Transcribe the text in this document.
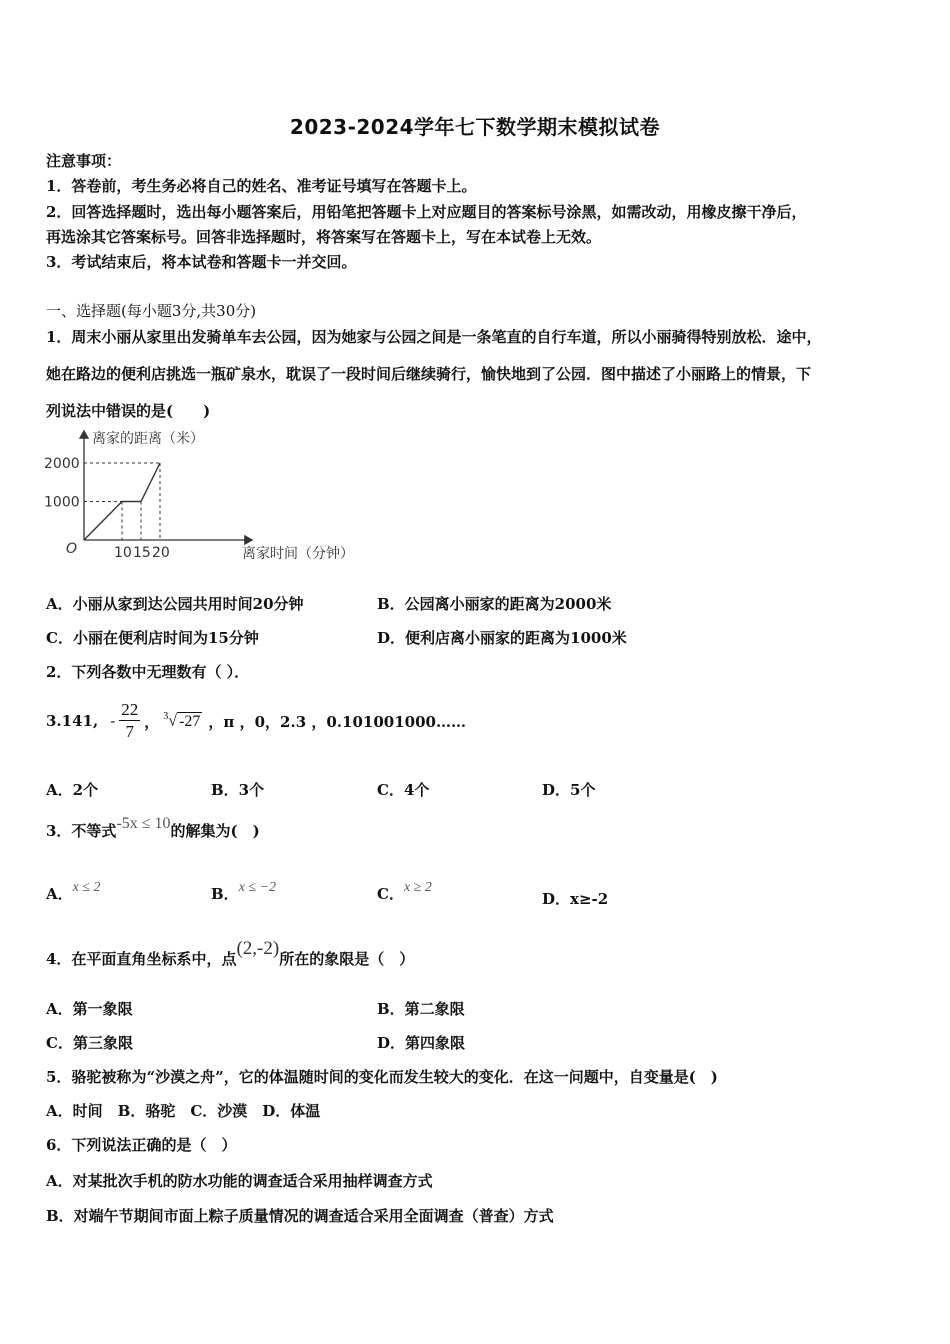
2023-2024学年七下数学期末模拟试卷
注意事项：
1．答卷前，考生务必将自己的姓名、准考证号填写在答题卡上。
2．回答选择题时，选出每小题答案后，用铅笔把答题卡上对应题目的答案标号涂黑，如需改动，用橡皮擦干净后，
再选涂其它答案标号。回答非选择题时，将答案写在答题卡上，写在本试卷上无效。
3．考试结束后，将本试卷和答题卡一并交回。
一、选择题(每小题3分,共30分)
1．周末小丽从家里出发骑单车去公园，因为她家与公园之间是一条笔直的自行车道，所以小丽骑得特别放松．途中，
她在路边的便利店挑选一瓶矿泉水，耽误了一段时间后继续骑行，愉快地到了公园．图中描述了小丽路上的情景，下
列说法中错误的是(　　)
离家的距离（米）
离家时间（分钟）
O
1000
2000
10 15 20
A．小丽从家到达公园共用时间20分钟	B．公园离小丽家的距离为2000米
C．小丽在便利店时间为15分钟	D．便利店离小丽家的距离为1000米
2．下列各数中无理数有（ ）．
3.141, - $\frac{22}{7}$ ， $^3$√ -27 ，π ，0，2.3 ，0.101001000……
A．2个	B．3个	C．4个	D．5个
3．不等式-5x ≤ 10的解集为(　)
A．x ≤ 2	B．x ≤ −2	C．x ≥ 2
D．x≥-2
4．在平面直角坐标系中，点(2,-2)所在的象限是（　）
A．第一象限	B．第二象限
C．第三象限	D．第四象限
5．骆驼被称为“沙漠之舟”，它的体温随时间的变化而发生较大的变化．在这一问题中，自变量是(　)
A．时间　B．骆驼　C．沙漠　D．体温
6．下列说法正确的是（　）
A．对某批次手机的防水功能的调查适合采用抽样调查方式
B．对端午节期间市面上粽子质量情况的调查适合采用全面调查（普查）方式
